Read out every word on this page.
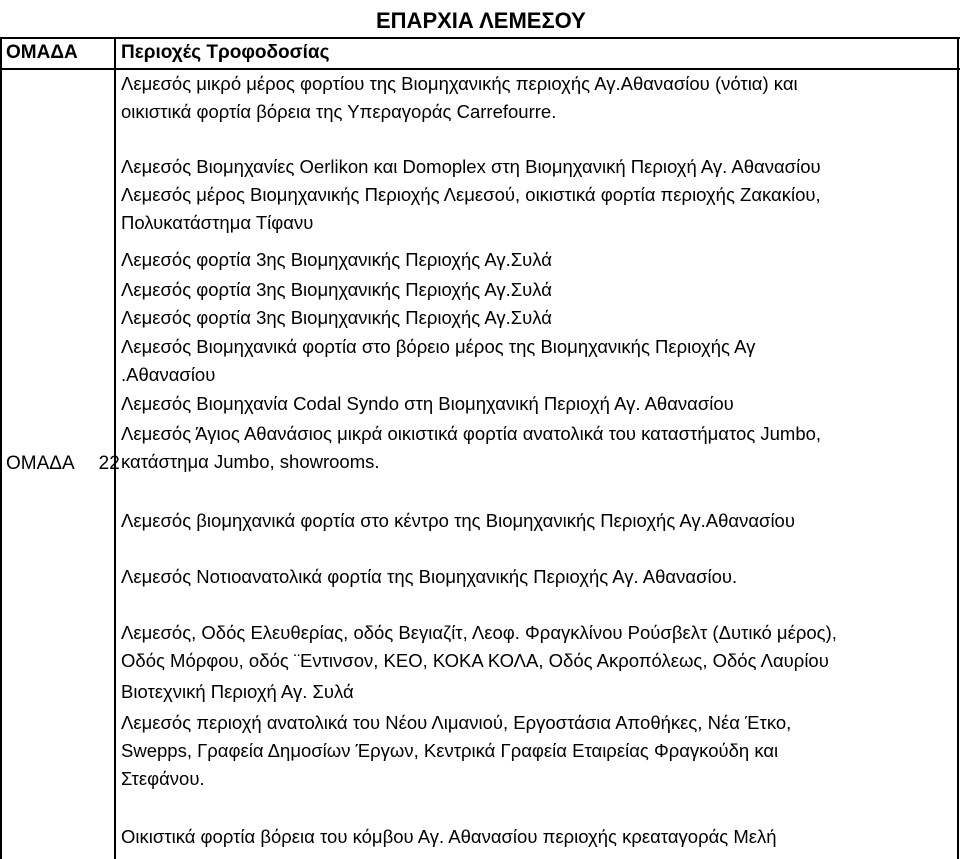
ΕΠΑΡΧΙΑ ΛΕΜΕΣΟΥ
ΟΜΑΔΑ Περιοχές Τροφοδοσίας
ΟΜΑΔΑ 22
Λεμεσός μικρό μέρος φορτίου της Βιομηχανικής περιοχής Αγ.Αθανασίου (νότια) και
οικιστικά φορτία βόρεια της Υπεραγοράς Carrefourre.
Λεμεσός Βιομηχανίες Oerlikon και Domoplex στη Βιομηχανική Περιοχή Αγ. Αθανασίου
Λεμεσός μέρος Βιομηχανικής Περιοχής Λεμεσού, οικιστικά φορτία περιοχής Ζακακίου,
Πολυκατάστημα Τίφανυ
Λεμεσός φορτία 3ης Βιομηχανικής Περιοχής Αγ.Συλά
Λεμεσός φορτία 3ης Βιομηχανικής Περιοχής Αγ.Συλά
Λεμεσός φορτία 3ης Βιομηχανικής Περιοχής Αγ.Συλά
Λεμεσός Βιομηχανικά φορτία στο βόρειο μέρος της Βιομηχανικής Περιοχής Αγ
.Αθανασίου
Λεμεσός Βιομηχανία Codal Syndo στη Βιομηχανική Περιοχή Αγ. Αθανασίου
Λεμεσός Άγιος Αθανάσιος μικρά οικιστικά φορτία ανατολικά του καταστήματος Jumbo,
κατάστημα Jumbo, showrooms.
Λεμεσός βιομηχανικά φορτία στο κέντρο της Βιομηχανικής Περιοχής Αγ.Αθανασίου
Λεμεσός Νοτιοανατολικά φορτία της Βιομηχανικής Περιοχής Αγ. Αθανασίου.
Λεμεσός, Οδός Ελευθερίας, οδός Βεγιαζίτ, Λεοφ. Φραγκλίνου Ρούσβελτ (Δυτικό μέρος),
Οδός Μόρφου, οδός ¨Εντινσον, ΚΕΟ, ΚΟΚΑ ΚΟΛΑ, Οδός Ακροπόλεως, Οδός Λαυρίου
Βιοτεχνική Περιοχή Αγ. Συλά
Λεμεσός περιοχή ανατολικά του Νέου Λιμανιού, Εργοστάσια Αποθήκες, Νέα Έτκο,
Swepps, Γραφεία Δημοσίων Έργων, Κεντρικά Γραφεία Εταιρείας Φραγκούδη και
Στεφάνου.
Οικιστικά φορτία βόρεια του κόμβου Αγ. Αθανασίου περιοχής κρεαταγοράς Μελή
